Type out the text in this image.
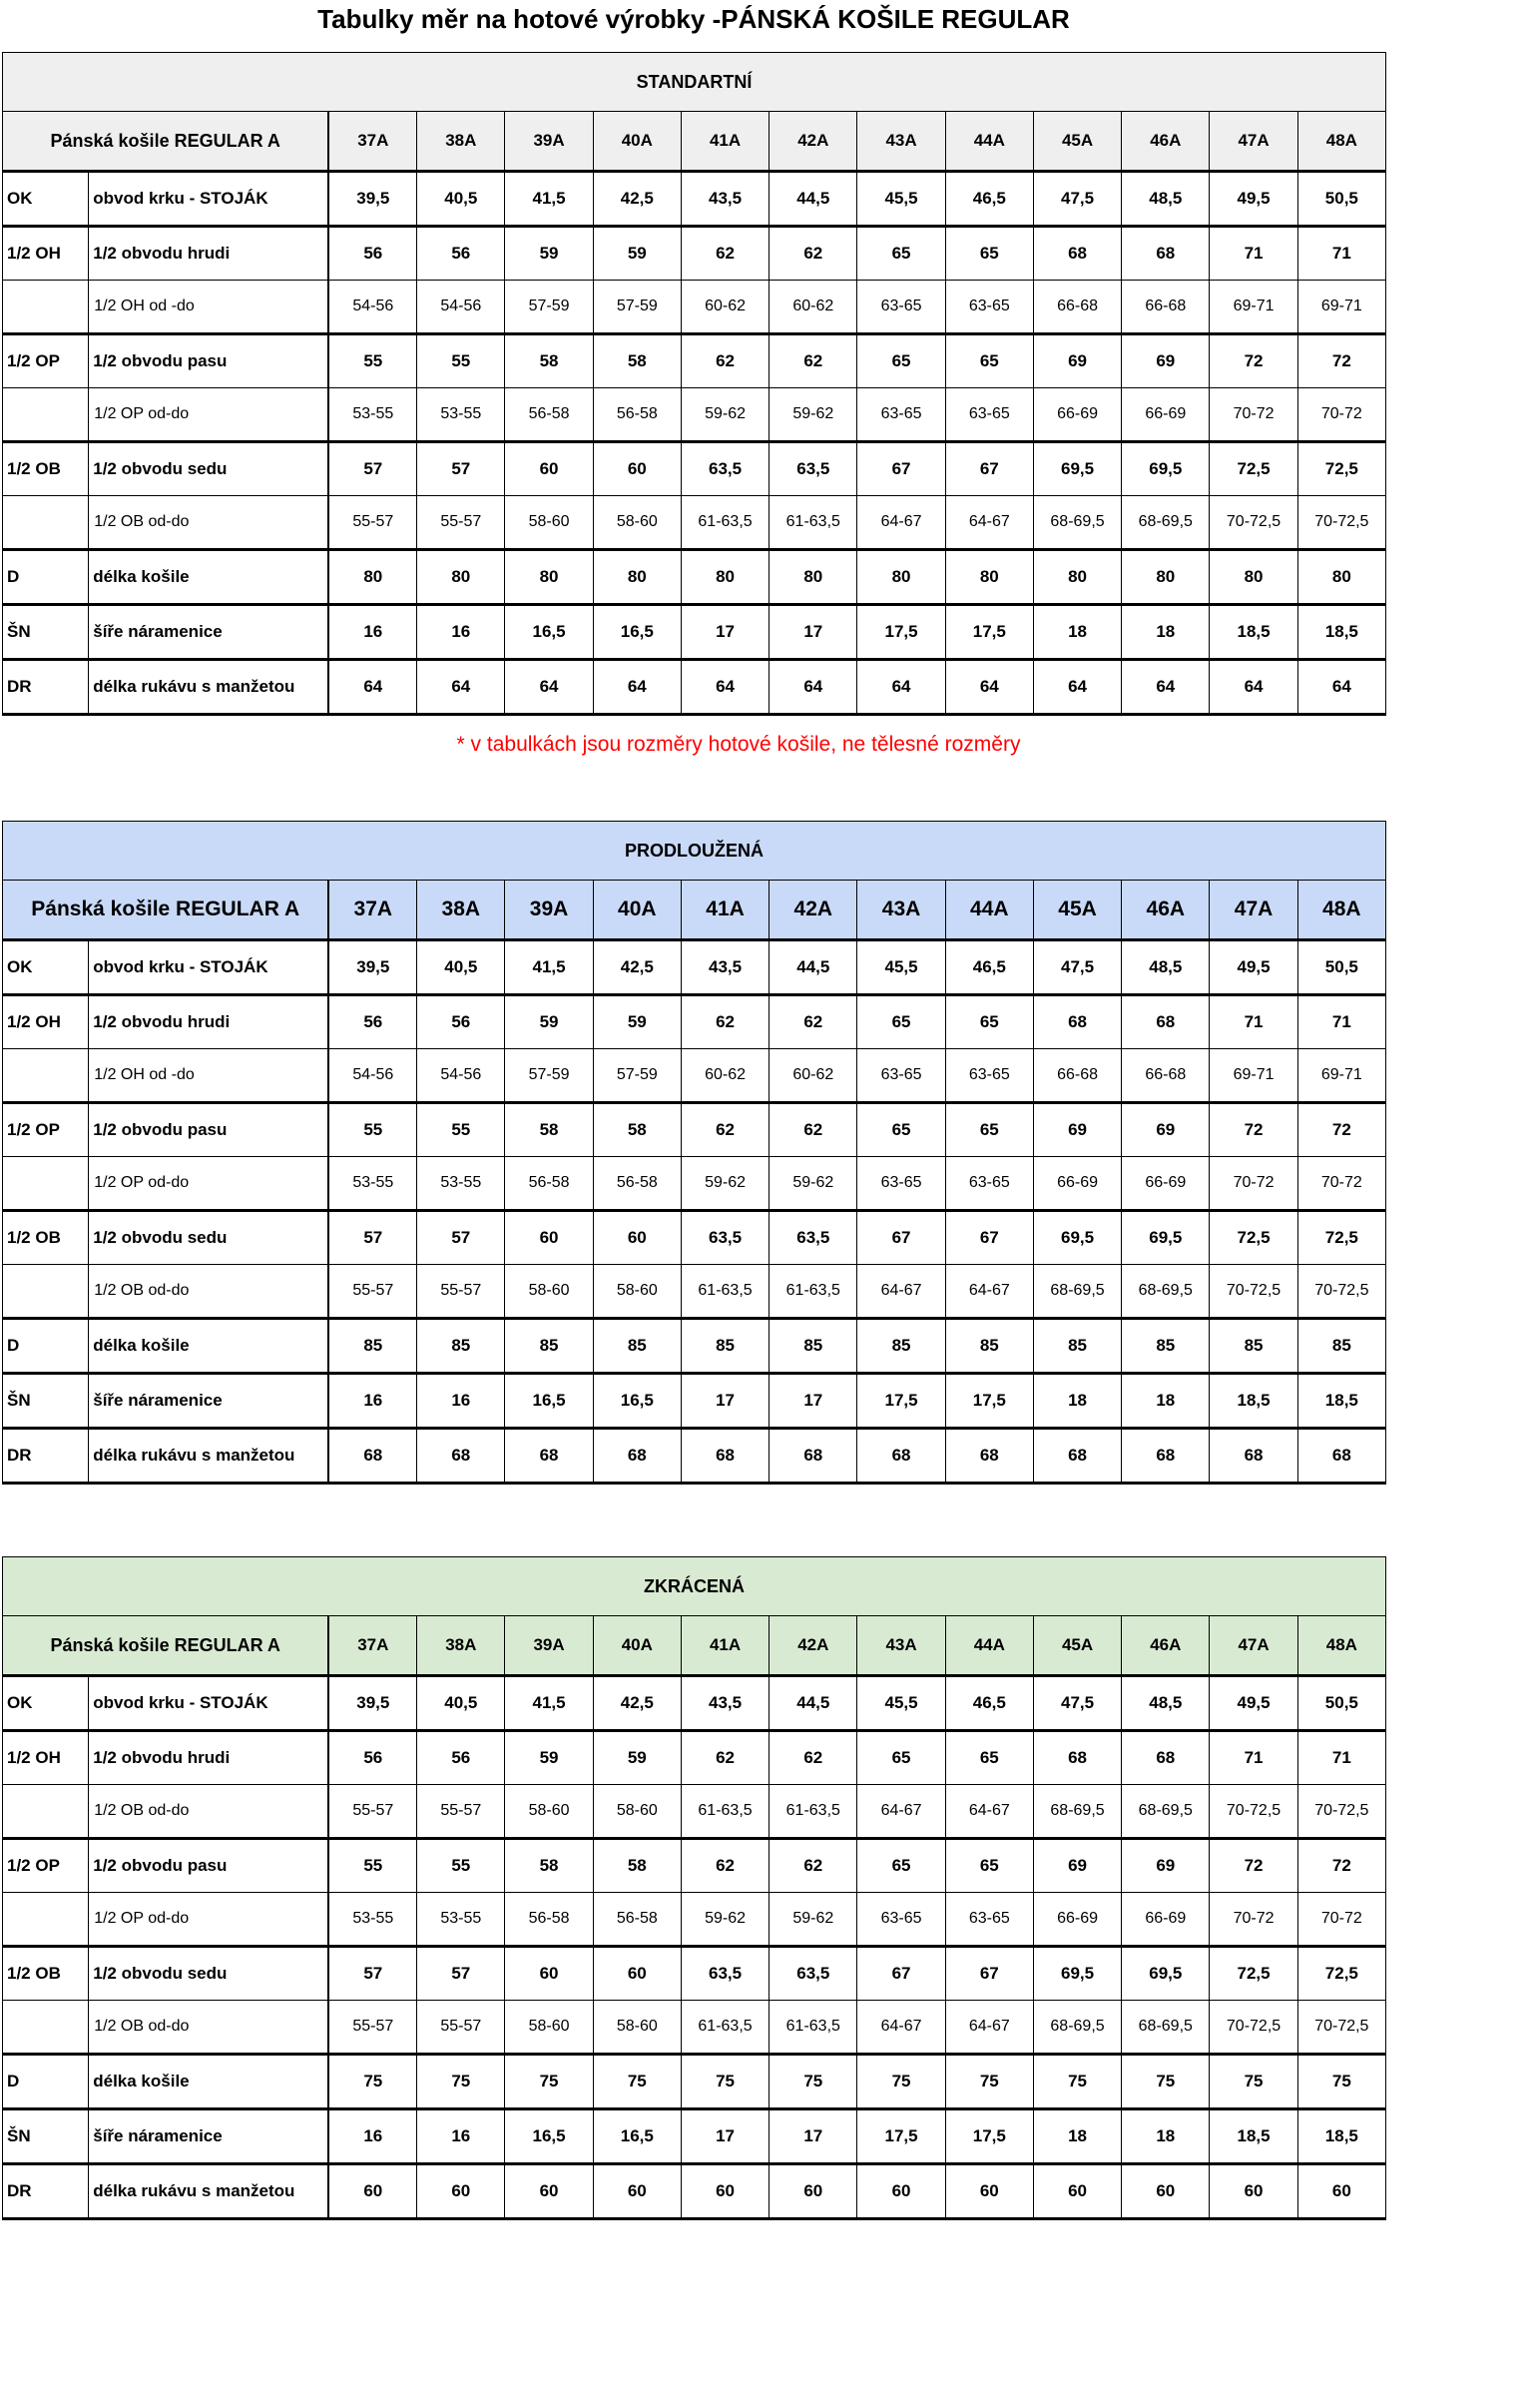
Tabulky měr na hotové výrobky -PÁNSKÁ KOŠILE REGULAR
STANDARTNÍ													
Pánská košile REGULAR A		37A	38A	39A	40A	41A	42A	43A	44A	45A	46A	47A	48A
OK	obvod krku - STOJÁK	39,5	40,5	41,5	42,5	43,5	44,5	45,5	46,5	47,5	48,5	49,5	50,5
1/2 OH	1/2 obvodu hrudi	56	56	59	59	62	62	65	65	68	68	71	71
	1/2 OH od -do	54-56	54-56	57-59	57-59	60-62	60-62	63-65	63-65	66-68	66-68	69-71	69-71
1/2 OP	1/2 obvodu pasu	55	55	58	58	62	62	65	65	69	69	72	72
	1/2 OP od-do	53-55	53-55	56-58	56-58	59-62	59-62	63-65	63-65	66-69	66-69	70-72	70-72
1/2 OB	1/2 obvodu sedu	57	57	60	60	63,5	63,5	67	67	69,5	69,5	72,5	72,5
	1/2 OB od-do	55-57	55-57	58-60	58-60	61-63,5	61-63,5	64-67	64-67	68-69,5	68-69,5	70-72,5	70-72,5
D	délka košile	80	80	80	80	80	80	80	80	80	80	80	80
ŠN	šíře náramenice	16	16	16,5	16,5	17	17	17,5	17,5	18	18	18,5	18,5
DR	délka rukávu s manžetou	64	64	64	64	64	64	64	64	64	64	64	64
* v tabulkách jsou rozměry hotové košile, ne tělesné rozměry
PRODLOUŽENÁ													
Pánská košile REGULAR A		37A	38A	39A	40A	41A	42A	43A	44A	45A	46A	47A	48A
OK	obvod krku - STOJÁK	39,5	40,5	41,5	42,5	43,5	44,5	45,5	46,5	47,5	48,5	49,5	50,5
1/2 OH	1/2 obvodu hrudi	56	56	59	59	62	62	65	65	68	68	71	71
	1/2 OH od -do	54-56	54-56	57-59	57-59	60-62	60-62	63-65	63-65	66-68	66-68	69-71	69-71
1/2 OP	1/2 obvodu pasu	55	55	58	58	62	62	65	65	69	69	72	72
	1/2 OP od-do	53-55	53-55	56-58	56-58	59-62	59-62	63-65	63-65	66-69	66-69	70-72	70-72
1/2 OB	1/2 obvodu sedu	57	57	60	60	63,5	63,5	67	67	69,5	69,5	72,5	72,5
	1/2 OB od-do	55-57	55-57	58-60	58-60	61-63,5	61-63,5	64-67	64-67	68-69,5	68-69,5	70-72,5	70-72,5
D	délka košile	85	85	85	85	85	85	85	85	85	85	85	85
ŠN	šíře náramenice	16	16	16,5	16,5	17	17	17,5	17,5	18	18	18,5	18,5
DR	délka rukávu s manžetou	68	68	68	68	68	68	68	68	68	68	68	68
ZKRÁCENÁ													
Pánská košile REGULAR A		37A	38A	39A	40A	41A	42A	43A	44A	45A	46A	47A	48A
OK	obvod krku - STOJÁK	39,5	40,5	41,5	42,5	43,5	44,5	45,5	46,5	47,5	48,5	49,5	50,5
1/2 OH	1/2 obvodu hrudi	56	56	59	59	62	62	65	65	68	68	71	71
	1/2 OB od-do	55-57	55-57	58-60	58-60	61-63,5	61-63,5	64-67	64-67	68-69,5	68-69,5	70-72,5	70-72,5
1/2 OP	1/2 obvodu pasu	55	55	58	58	62	62	65	65	69	69	72	72
	1/2 OP od-do	53-55	53-55	56-58	56-58	59-62	59-62	63-65	63-65	66-69	66-69	70-72	70-72
1/2 OB	1/2 obvodu sedu	57	57	60	60	63,5	63,5	67	67	69,5	69,5	72,5	72,5
	1/2 OB od-do	55-57	55-57	58-60	58-60	61-63,5	61-63,5	64-67	64-67	68-69,5	68-69,5	70-72,5	70-72,5
D	délka košile	75	75	75	75	75	75	75	75	75	75	75	75
ŠN	šíře náramenice	16	16	16,5	16,5	17	17	17,5	17,5	18	18	18,5	18,5
DR	délka rukávu s manžetou	60	60	60	60	60	60	60	60	60	60	60	60
